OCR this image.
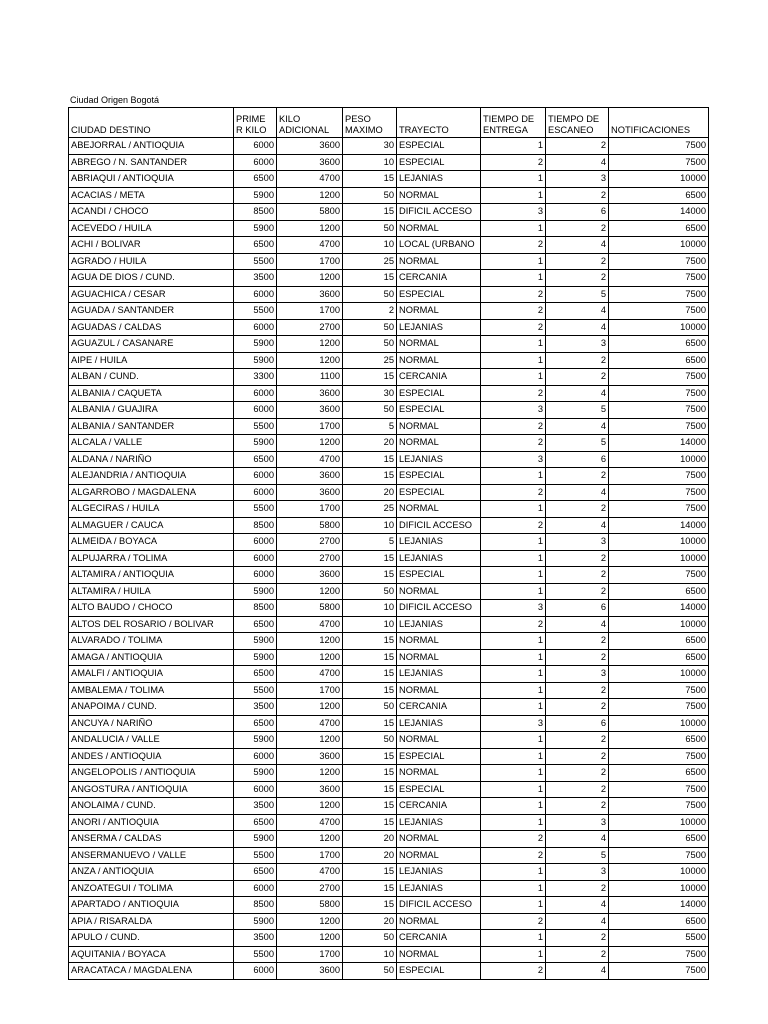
Ciudad Origen Bogotá
CIUDAD DESTINO	PRIME R KILO	KILO ADICIONAL	PESO MAXIMO	TRAYECTO	TIEMPO DE ENTREGA	TIEMPO DE ESCANEO	NOTIFICACIONES
ABEJORRAL / ANTIOQUIA	6000	3600	30	ESPECIAL	1	2	7500
ABREGO / N. SANTANDER	6000	3600	10	ESPECIAL	2	4	7500
ABRIAQUI / ANTIOQUIA	6500	4700	15	LEJANIAS	1	3	10000
ACACIAS / META	5900	1200	50	NORMAL	1	2	6500
ACANDI / CHOCO	8500	5800	15	DIFICIL ACCESO	3	6	14000
ACEVEDO / HUILA	5900	1200	50	NORMAL	1	2	6500
ACHI / BOLIVAR	6500	4700	10	LOCAL (URBANO	2	4	10000
AGRADO / HUILA	5500	1700	25	NORMAL	1	2	7500
AGUA DE DIOS / CUND.	3500	1200	15	CERCANIA	1	2	7500
AGUACHICA / CESAR	6000	3600	50	ESPECIAL	2	5	7500
AGUADA / SANTANDER	5500	1700	2	NORMAL	2	4	7500
AGUADAS / CALDAS	6000	2700	50	LEJANIAS	2	4	10000
AGUAZUL / CASANARE	5900	1200	50	NORMAL	1	3	6500
AIPE / HUILA	5900	1200	25	NORMAL	1	2	6500
ALBAN / CUND.	3300	1100	15	CERCANIA	1	2	7500
ALBANIA / CAQUETA	6000	3600	30	ESPECIAL	2	4	7500
ALBANIA / GUAJIRA	6000	3600	50	ESPECIAL	3	5	7500
ALBANIA / SANTANDER	5500	1700	5	NORMAL	2	4	7500
ALCALA / VALLE	5900	1200	20	NORMAL	2	5	14000
ALDANA / NARIÑO	6500	4700	15	LEJANIAS	3	6	10000
ALEJANDRIA / ANTIOQUIA	6000	3600	15	ESPECIAL	1	2	7500
ALGARROBO / MAGDALENA	6000	3600	20	ESPECIAL	2	4	7500
ALGECIRAS / HUILA	5500	1700	25	NORMAL	1	2	7500
ALMAGUER / CAUCA	8500	5800	10	DIFICIL ACCESO	2	4	14000
ALMEIDA / BOYACA	6000	2700	5	LEJANIAS	1	3	10000
ALPUJARRA / TOLIMA	6000	2700	15	LEJANIAS	1	2	10000
ALTAMIRA / ANTIOQUIA	6000	3600	15	ESPECIAL	1	2	7500
ALTAMIRA / HUILA	5900	1200	50	NORMAL	1	2	6500
ALTO BAUDO / CHOCO	8500	5800	10	DIFICIL ACCESO	3	6	14000
ALTOS DEL ROSARIO / BOLIVAR	6500	4700	10	LEJANIAS	2	4	10000
ALVARADO / TOLIMA	5900	1200	15	NORMAL	1	2	6500
AMAGA / ANTIOQUIA	5900	1200	15	NORMAL	1	2	6500
AMALFI / ANTIOQUIA	6500	4700	15	LEJANIAS	1	3	10000
AMBALEMA / TOLIMA	5500	1700	15	NORMAL	1	2	7500
ANAPOIMA / CUND.	3500	1200	50	CERCANIA	1	2	7500
ANCUYA / NARIÑO	6500	4700	15	LEJANIAS	3	6	10000
ANDALUCIA / VALLE	5900	1200	50	NORMAL	1	2	6500
ANDES / ANTIOQUIA	6000	3600	15	ESPECIAL	1	2	7500
ANGELOPOLIS / ANTIOQUIA	5900	1200	15	NORMAL	1	2	6500
ANGOSTURA / ANTIOQUIA	6000	3600	15	ESPECIAL	1	2	7500
ANOLAIMA / CUND.	3500	1200	15	CERCANIA	1	2	7500
ANORI / ANTIOQUIA	6500	4700	15	LEJANIAS	1	3	10000
ANSERMA / CALDAS	5900	1200	20	NORMAL	2	4	6500
ANSERMANUEVO / VALLE	5500	1700	20	NORMAL	2	5	7500
ANZA / ANTIOQUIA	6500	4700	15	LEJANIAS	1	3	10000
ANZOATEGUI / TOLIMA	6000	2700	15	LEJANIAS	1	2	10000
APARTADO / ANTIOQUIA	8500	5800	15	DIFICIL ACCESO	1	4	14000
APIA / RISARALDA	5900	1200	20	NORMAL	2	4	6500
APULO / CUND.	3500	1200	50	CERCANIA	1	2	5500
AQUITANIA / BOYACA	5500	1700	10	NORMAL	1	2	7500
ARACATACA / MAGDALENA	6000	3600	50	ESPECIAL	2	4	7500
